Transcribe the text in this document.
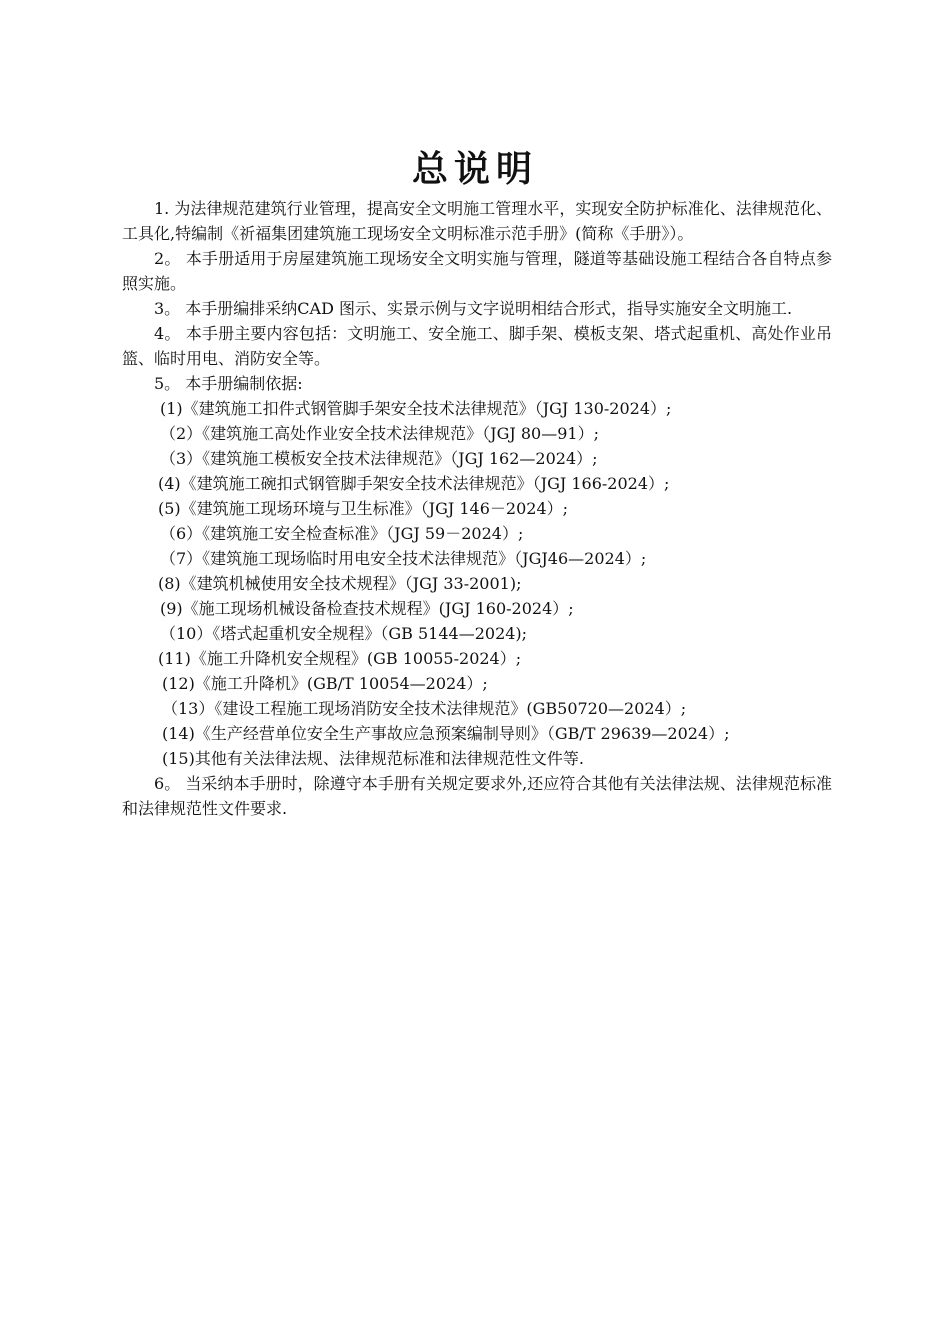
总说明

1. 为法律规范建筑行业管理，提高安全文明施工管理水平，实现安全防护标准化、法律规范化、工具化,特编制《祈福集团建筑施工现场安全文明标准示范手册》(简称《手册》）。

2。 本手册适用于房屋建筑施工现场安全文明实施与管理，隧道等基础设施工程结合各自特点参照实施。

3。 本手册编排采纳CAD 图示、实景示例与文字说明相结合形式，指导实施安全文明施工.

4。 本手册主要内容包括：文明施工、安全施工、脚手架、模板支架、塔式起重机、高处作业吊篮、临时用电、消防安全等。

5。 本手册编制依据:

(1)《建筑施工扣件式钢管脚手架安全技术法律规范》（JGJ 130-2024）;

（2）《建筑施工高处作业安全技术法律规范》（JGJ 80—91）;

（3）《建筑施工模板安全技术法律规范》（JGJ 162—2024）;

(4)《建筑施工碗扣式钢管脚手架安全技术法律规范》（JGJ 166-2024）;

(5)《建筑施工现场环境与卫生标准》（JGJ 146－2024）;

（6）《建筑施工安全检查标准》（JGJ 59－2024）;

（7）《建筑施工现场临时用电安全技术法律规范》（JGJ46—2024）;

(8)《建筑机械使用安全技术规程》（JGJ 33-2001);

(9)《施工现场机械设备检查技术规程》(JGJ 160-2024）;

（10）《塔式起重机安全规程》（GB 5144—2024);

(11)《施工升降机安全规程》(GB 10055-2024）;

(12)《施工升降机》(GB/T 10054—2024）;

（13）《建设工程施工现场消防安全技术法律规范》(GB50720—2024）;

(14)《生产经营单位安全生产事故应急预案编制导则》（GB/T 29639—2024）;

(15)其他有关法律法规、法律规范标准和法律规范性文件等.

6。 当采纳本手册时，除遵守本手册有关规定要求外,还应符合其他有关法律法规、法律规范标准和法律规范性文件要求.
